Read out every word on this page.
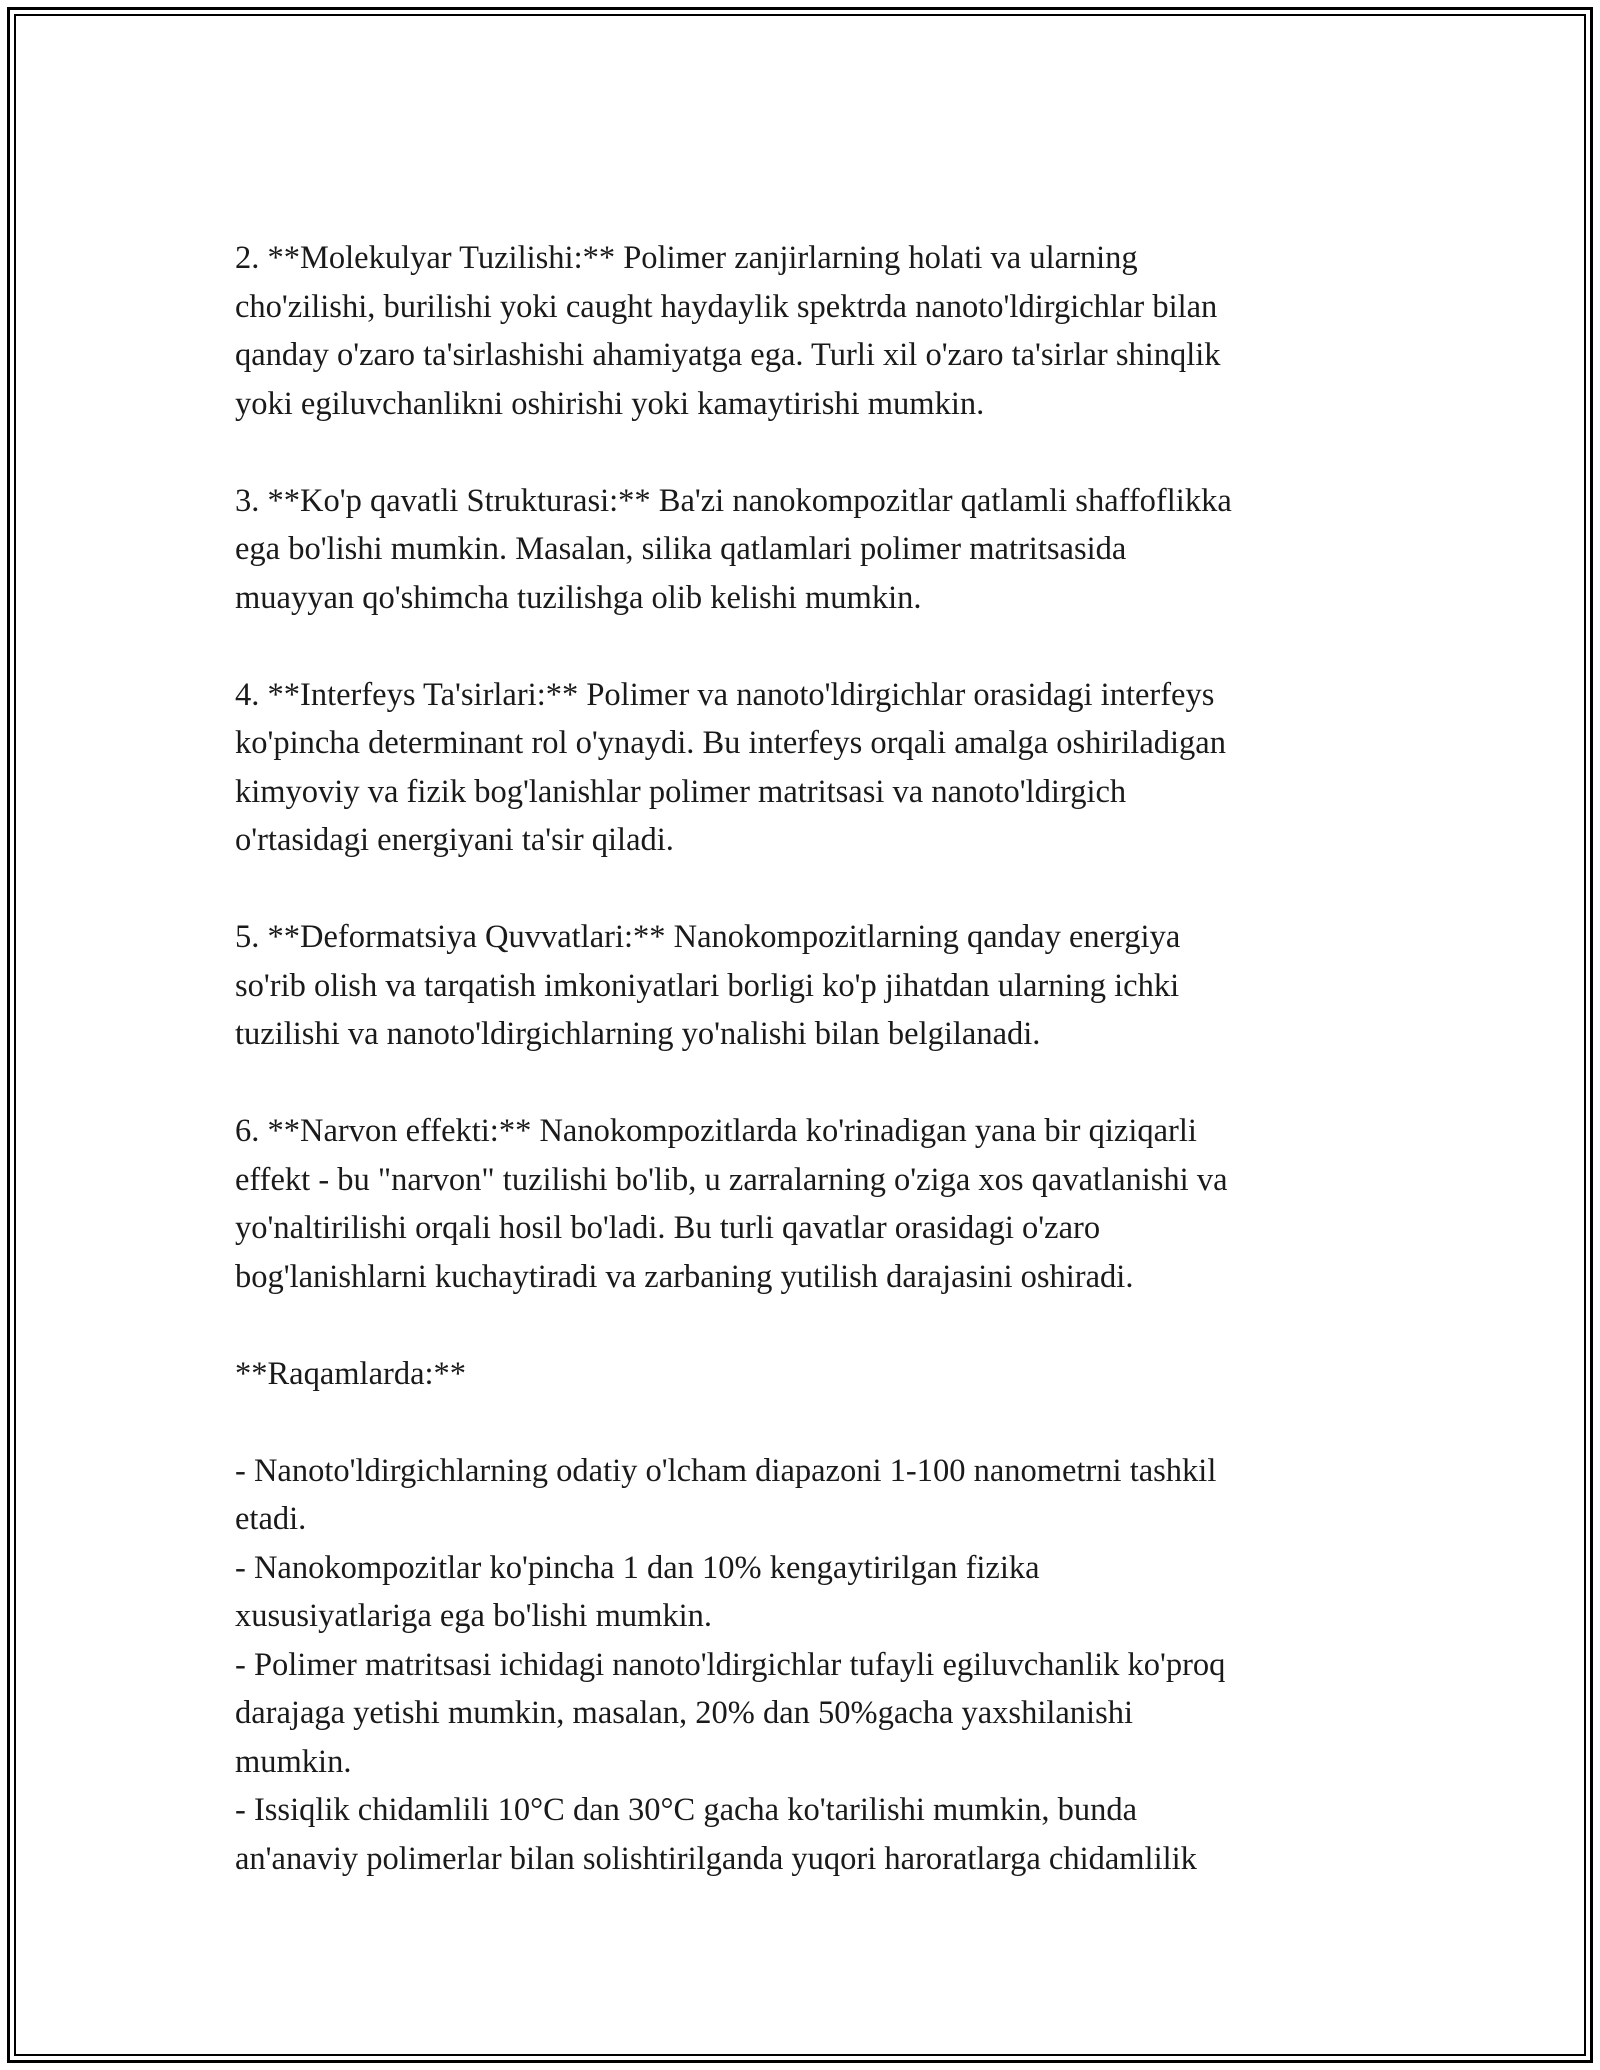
2. **Molekulyar Tuzilishi:** Polimer zanjirlarning holati va ularning
cho'zilishi, burilishi yoki caught haydaylik spektrda nanoto'ldirgichlar bilan
qanday o'zaro ta'sirlashishi ahamiyatga ega. Turli xil o'zaro ta'sirlar shinqlik
yoki egiluvchanlikni oshirishi yoki kamaytirishi mumkin.

3. **Ko'p qavatli Strukturasi:** Ba'zi nanokompozitlar qatlamli shaffoflikka
ega bo'lishi mumkin. Masalan, silika qatlamlari polimer matritsasida
muayyan qo'shimcha tuzilishga olib kelishi mumkin.

4. **Interfeys Ta'sirlari:** Polimer va nanoto'ldirgichlar orasidagi interfeys
ko'pincha determinant rol o'ynaydi. Bu interfeys orqali amalga oshiriladigan
kimyoviy va fizik bog'lanishlar polimer matritsasi va nanoto'ldirgich
o'rtasidagi energiyani ta'sir qiladi.

5. **Deformatsiya Quvvatlari:** Nanokompozitlarning qanday energiya
so'rib olish va tarqatish imkoniyatlari borligi ko'p jihatdan ularning ichki
tuzilishi va nanoto'ldirgichlarning yo'nalishi bilan belgilanadi.

6. **Narvon effekti:** Nanokompozitlarda ko'rinadigan yana bir qiziqarli
effekt - bu "narvon" tuzilishi bo'lib, u zarralarning o'ziga xos qavatlanishi va
yo'naltirilishi orqali hosil bo'ladi. Bu turli qavatlar orasidagi o'zaro
bog'lanishlarni kuchaytiradi va zarbaning yutilish darajasini oshiradi.

**Raqamlarda:**

- Nanoto'ldirgichlarning odatiy o'lcham diapazoni 1-100 nanometrni tashkil
etadi.
- Nanokompozitlar ko'pincha 1 dan 10% kengaytirilgan fizika
xususiyatlariga ega bo'lishi mumkin.
- Polimer matritsasi ichidagi nanoto'ldirgichlar tufayli egiluvchanlik ko'proq
darajaga yetishi mumkin, masalan, 20% dan 50%gacha yaxshilanishi
mumkin.
- Issiqlik chidamlili 10°C dan 30°C gacha ko'tarilishi mumkin, bunda
an'anaviy polimerlar bilan solishtirilganda yuqori haroratlarga chidamlilik
